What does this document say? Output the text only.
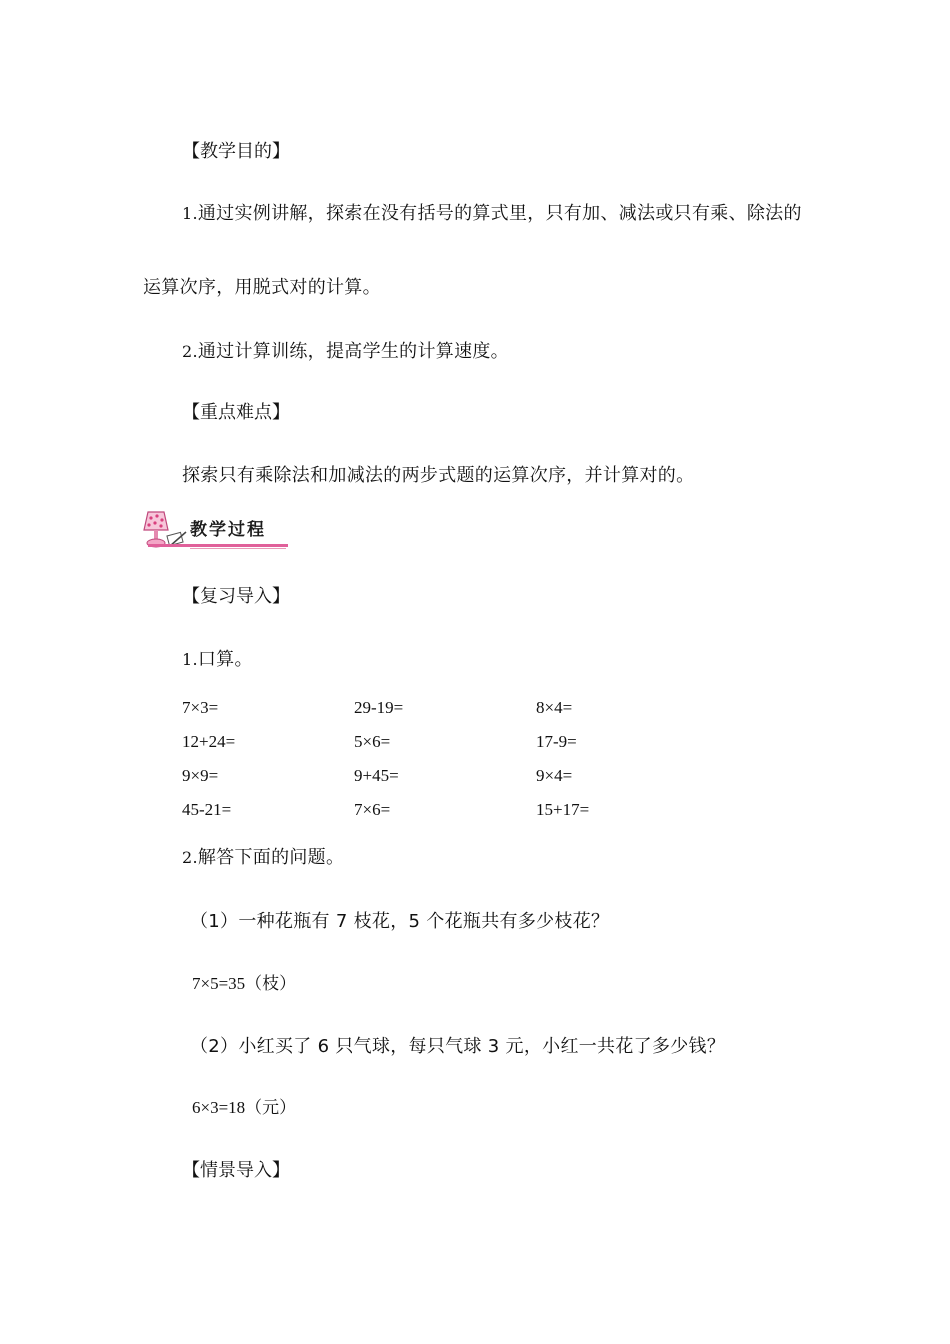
【教学目的】
1.通过实例讲解，探索在没有括号的算式里，只有加、减法或只有乘、除法的
运算次序，用脱式对的计算。
2.通过计算训练，提高学生的计算速度。
【重点难点】
探索只有乘除法和加减法的两步式题的运算次序，并计算对的。
教学过程
【复习导入】
1.口算。
7×3=	29-19=	8×4=
12+24=	5×6=	17-9=
9×9=	9+45=	9×4=
45-21=	7×6=	15+17=
2.解答下面的问题。
（1）一种花瓶有 7 枝花，5 个花瓶共有多少枝花？
7×5=35（枝）
（2）小红买了 6 只气球，每只气球 3 元，小红一共花了多少钱？
6×3=18（元）
【情景导入】
